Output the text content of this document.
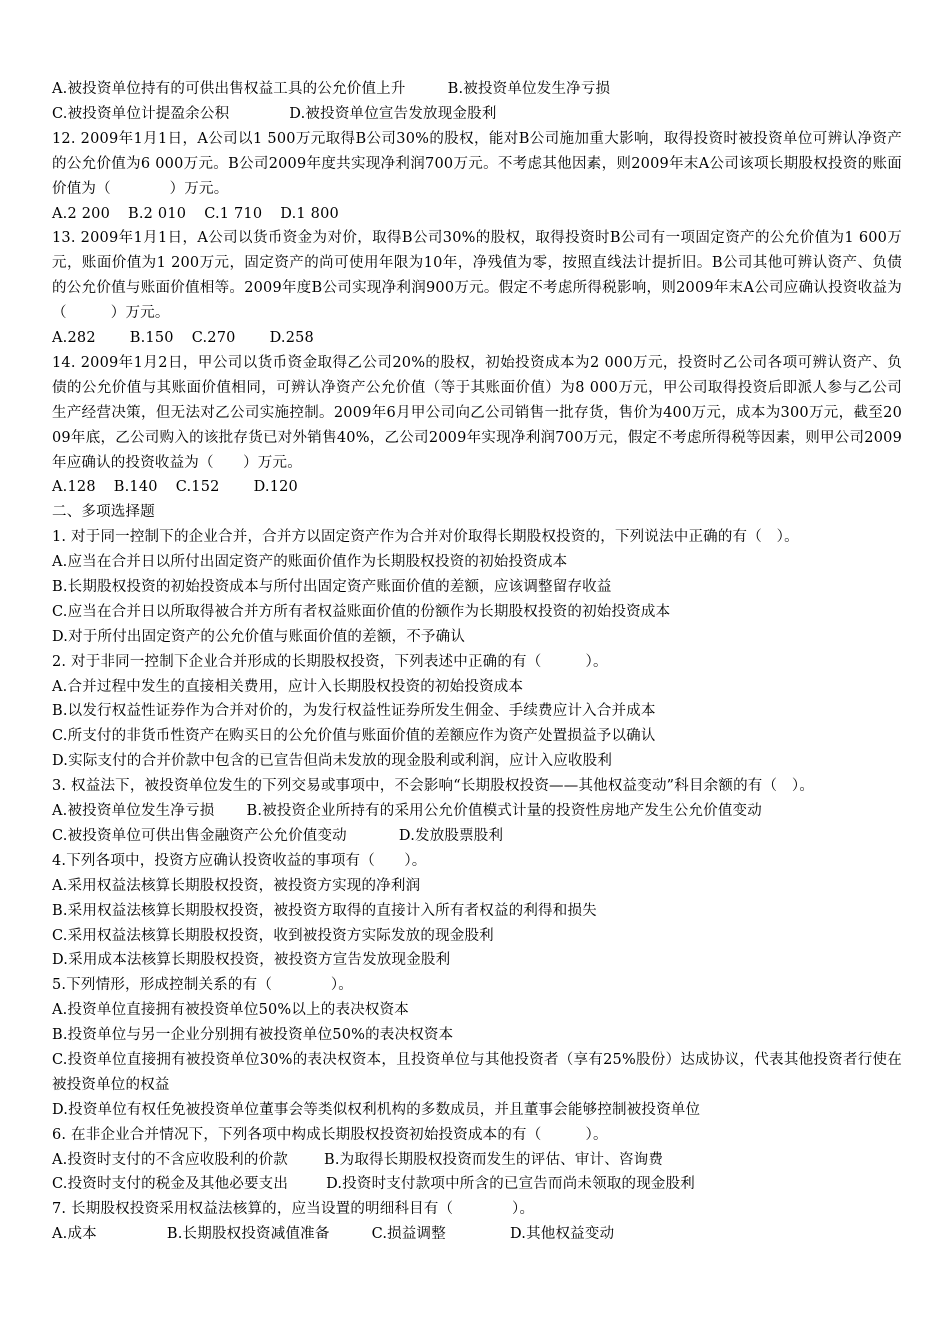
A.被投资单位持有的可供出售权益工具的公允价值上升	B.被投资单位发生净亏损
C.被投资单位计提盈余公积	D.被投资单位宣告发放现金股利
12. 2009年1月1日，A公司以1 500万元取得B公司30%的股权，能对B公司施加重大影响，取得投资时被投资单位可辨认净资产的公允价值为6 000万元。B公司2009年度共实现净利润700万元。不考虑其他因素，则2009年末A公司该项长期股权投资的账面价值为（　　　　）万元。
A.2 200 B.2 010 C.1 710 D.1 800
13. 2009年1月1日，A公司以货币资金为对价，取得B公司30%的股权，取得投资时B公司有一项固定资产的公允价值为1 600万元，账面价值为1 200万元，固定资产的尚可使用年限为10年，净残值为零，按照直线法计提折旧。B公司其他可辨认资产、负债的公允价值与账面价值相等。2009年度B公司实现净利润900万元。假定不考虑所得税影响，则2009年末A公司应确认投资收益为（　　　）万元。
A.282 B.150 C.270 D.258
14. 2009年1月2日，甲公司以货币资金取得乙公司20%的股权，初始投资成本为2 000万元，投资时乙公司各项可辨认资产、负债的公允价值与其账面价值相同，可辨认净资产公允价值（等于其账面价值）为8 000万元，甲公司取得投资后即派人参与乙公司生产经营决策，但无法对乙公司实施控制。2009年6月甲公司向乙公司销售一批存货，售价为400万元，成本为300万元，截至2009年底，乙公司购入的该批存货已对外销售40%，乙公司2009年实现净利润700万元，假定不考虑所得税等因素，则甲公司2009年应确认的投资收益为（　　）万元。
A.128 B.140 C.152 D.120
二、多项选择题
1. 对于同一控制下的企业合并，合并方以固定资产作为合并对价取得长期股权投资的，下列说法中正确的有（　）。
A.应当在合并日以所付出固定资产的账面价值作为长期股权投资的初始投资成本
B.长期股权投资的初始投资成本与所付出固定资产账面价值的差额，应该调整留存收益
C.应当在合并日以所取得被合并方所有者权益账面价值的份额作为长期股权投资的初始投资成本
D.对于所付出固定资产的公允价值与账面价值的差额，不予确认
2. 对于非同一控制下企业合并形成的长期股权投资，下列表述中正确的有（　　　）。
A.合并过程中发生的直接相关费用，应计入长期股权投资的初始投资成本
B.以发行权益性证券作为合并对价的，为发行权益性证券所发生佣金、手续费应计入合并成本
C.所支付的非货币性资产在购买日的公允价值与账面价值的差额应作为资产处置损益予以确认
D.实际支付的合并价款中包含的已宣告但尚未发放的现金股利或利润，应计入应收股利
3. 权益法下，被投资单位发生的下列交易或事项中，不会影响“长期股权投资——其他权益变动”科目余额的有（　）。
A.被投资单位发生净亏损 B.被投资企业所持有的采用公允价值模式计量的投资性房地产发生公允价值变动
C.被投资单位可供出售金融资产公允价值变动	D.发放股票股利
4.下列各项中，投资方应确认投资收益的事项有（　　）。
A.采用权益法核算长期股权投资，被投资方实现的净利润
B.采用权益法核算长期股权投资，被投资方取得的直接计入所有者权益的利得和损失
C.采用权益法核算长期股权投资，收到被投资方实际发放的现金股利
D.采用成本法核算长期股权投资，被投资方宣告发放现金股利
5.下列情形，形成控制关系的有（　　　　）。
A.投资单位直接拥有被投资单位50%以上的表决权资本
B.投资单位与另一企业分别拥有被投资单位50%的表决权资本
C.投资单位直接拥有被投资单位30%的表决权资本，且投资单位与其他投资者（享有25%股份）达成协议，代表其他投资者行使在被投资单位的权益
D.投资单位有权任免被投资单位董事会等类似权利机构的多数成员，并且董事会能够控制被投资单位
6. 在非企业合并情况下，下列各项中构成长期股权投资初始投资成本的有（　　　）。
A.投资时支付的不含应收股利的价款 B.为取得长期股权投资而发生的评估、审计、咨询费
C.投资时支付的税金及其他必要支出	D.投资时支付款项中所含的已宣告而尚未领取的现金股利
7. 长期股权投资采用权益法核算的，应当设置的明细科目有（　　　　）。
A.成本	B.长期股权投资减值准备	C.损益调整	D.其他权益变动
